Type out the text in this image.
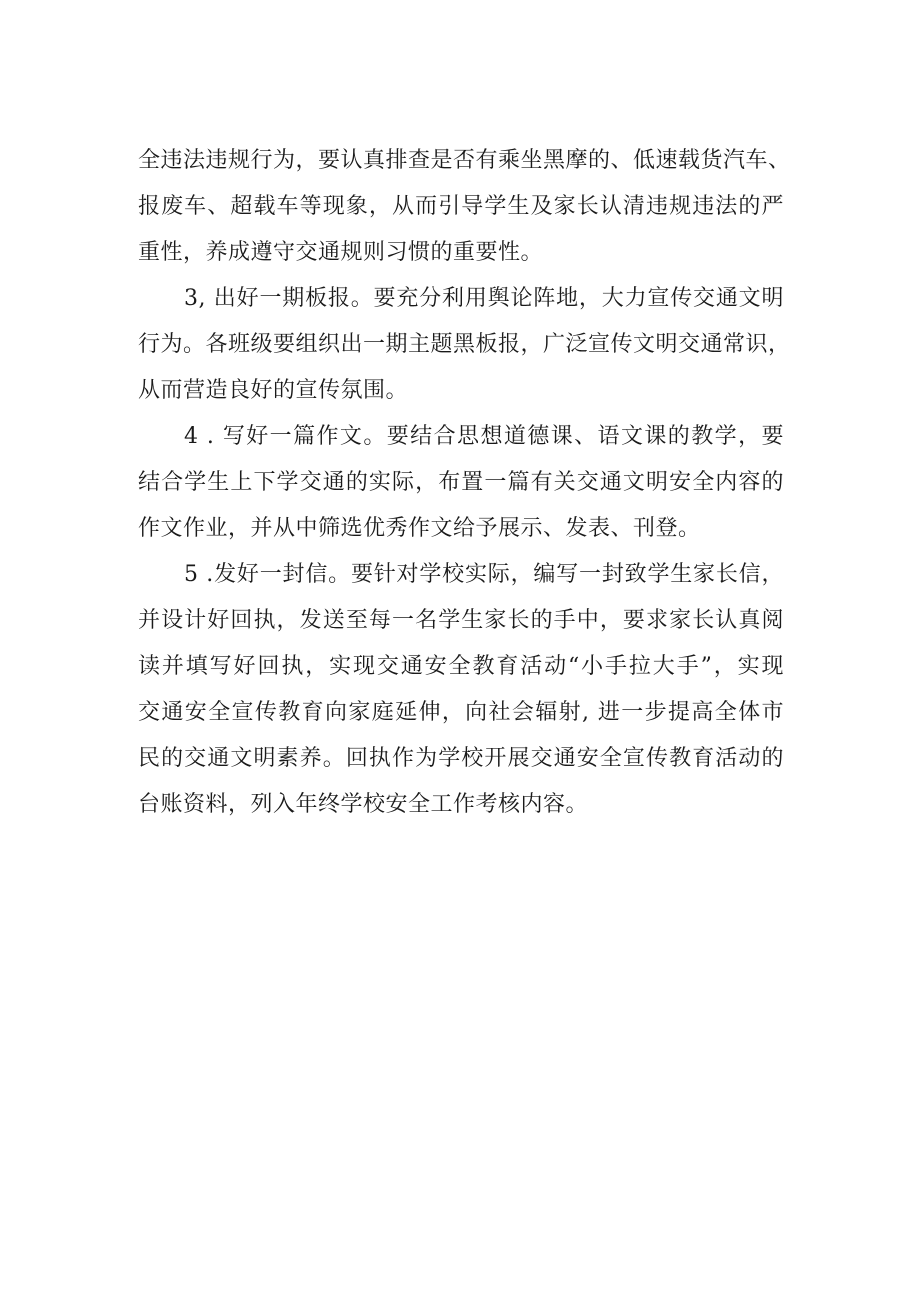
全违法违规行为，要认真排查是否有乘坐黑摩的、低速载货汽车、
报废车、超载车等现象，从而引导学生及家长认清违规违法的严
重性，养成遵守交通规则习惯的重要性。
3, 出好一期板报。要充分利用舆论阵地，大力宣传交通文明
行为。各班级要组织出一期主题黑板报，广泛宣传文明交通常识，
从而营造良好的宣传氛围。
4 . 写好一篇作文。要结合思想道德课、语文课的教学，要
结合学生上下学交通的实际，布置一篇有关交通文明安全内容的
作文作业，并从中筛选优秀作文给予展示、发表、刊登。
5 .发好一封信。要针对学校实际，编写一封致学生家长信，
并设计好回执，发送至每一名学生家长的手中，要求家长认真阅
读并填写好回执，实现交通安全教育活动“小手拉大手”，实现
交通安全宣传教育向家庭延伸，向社会辐射, 进一步提高全体市
民的交通文明素养。回执作为学校开展交通安全宣传教育活动的
台账资料，列入年终学校安全工作考核内容。
